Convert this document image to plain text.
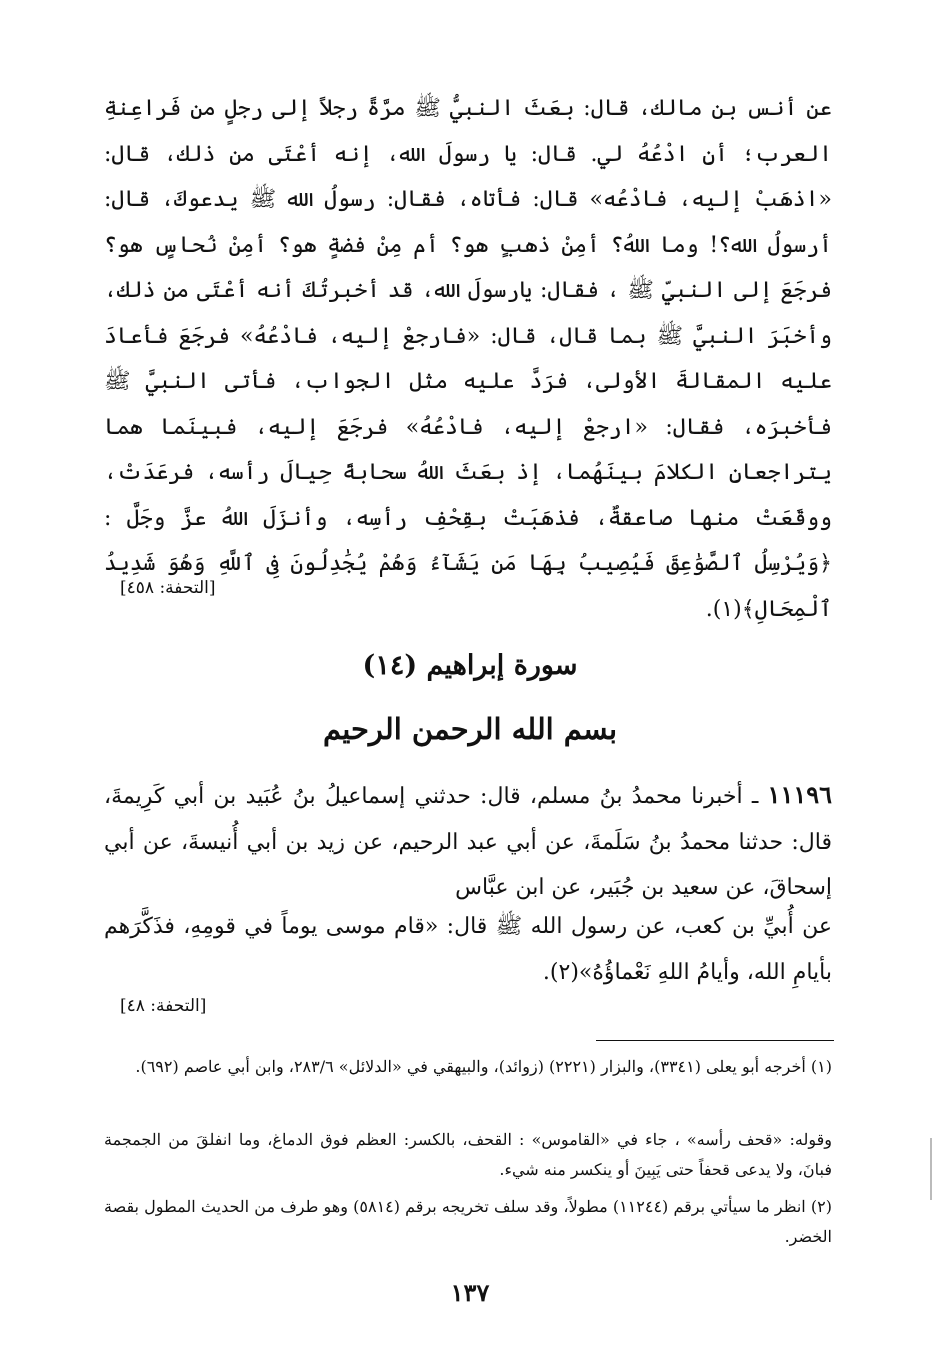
عن أنس بن مالك، قال: بعَثَ النبيُّ ﷺ مرَّةً رجلاً إلى رجلٍ من فَراعِنةِ العرب؛ أنِ ادْعُهُ لي. قال: يا رسولَ الله، إنه أعْتَى من ذلك، قال: «اذهَبْ إليه، فادْعُه» قال: فأتاه، فقال: رسولُ الله ﷺ يدعوكَ، قال: أرسولُ الله؟! وما اللهُ؟ أمِنْ ذهبٍ هو؟ أم مِنْ فضةٍ هو؟ أمِنْ نُحاسٍ هو؟ فرجَعَ إلى النبيِّ ﷺ ، فقال: يارسولَ الله، قد أخبرتُكَ أنه أعْتَى من ذلك، وأخبَرَ النبيَّ ﷺ بما قال، قال: «فارجعْ إليه، فادْعُهُ» فرجَعَ فأعادَ عليه المقالةَ الأولى، فرَدَّ عليه مثل الجواب، فأتى النبيَّ ﷺ فأخبرَه، فقال: «ارجعْ إليه، فادْعُهُ» فرجَعَ إليه، فبينَما هما يتراجعانِ الكلامَ بينَهُما، إذ بعَثَ اللهُ سحابةً حِيالَ رأسه، فرعَدَتْ، ووقَعَتْ منها صاعقةٌ، فذهَبَتْ بقِحْفِ رأسِه، وأنزَلَ اللهُ عزَّ وجَلَّ : ﴿وَيُرْسِلُ ٱلصَّوَٰعِقَ فَيُصِيبُ بِهَا مَن يَشَآءُ وَهُمْ يُجَٰدِلُونَ فِى ٱللَّهِ وَهُوَ شَدِيدُ ٱلْمِحَالِ﴾(١).
[التحفة: ٤٥٨]
سورة إبراهيم (١٤)
بسم الله الرحمن الرحيم
١١١٩٦ ـ أخبرنا محمدُ بنُ مسلم، قال: حدثني إسماعيلُ بنُ عُبَيد بن أبي كَرِيمةَ، قال: حدثنا محمدُ بنُ سَلَمةَ، عن أبي عبد الرحيم، عن زيد بن أبي أُنيسةَ، عن أبي إسحاقَ، عن سعيد بن جُبَير، عن ابن عبَّاس
عن أُبيِّ بن كعب، عن رسول الله ﷺ قال: «قام موسى يوماً في قومِهِ، فذَكَّرَهم بأيامِ الله، وأيامُ اللهِ نَعْماؤُهُ»(٢).
[التحفة: ٤٨]
(١) أخرجه أبو يعلى (٣٣٤١)، والبزار (٢٢٢١) (زوائد)، والبيهقي في «الدلائل» ٢٨٣/٦، وابن أبي عاصم (٦٩٢).
وقوله: «قحف رأسه» ، جاء في «القاموس» : القحف، بالكسر: العظم فوق الدماغ، وما انفلقَ من الجمجمة فبانَ، ولا يدعى قحفاً حتى يَبِينَ أو ينكسر منه شيء.
(٢) انظر ما سيأتي برقم (١١٢٤٤) مطولاً، وقد سلف تخريجه برقم (٥٨١٤) وهو طرف من الحديث المطول بقصة الخضر.
١٣٧
